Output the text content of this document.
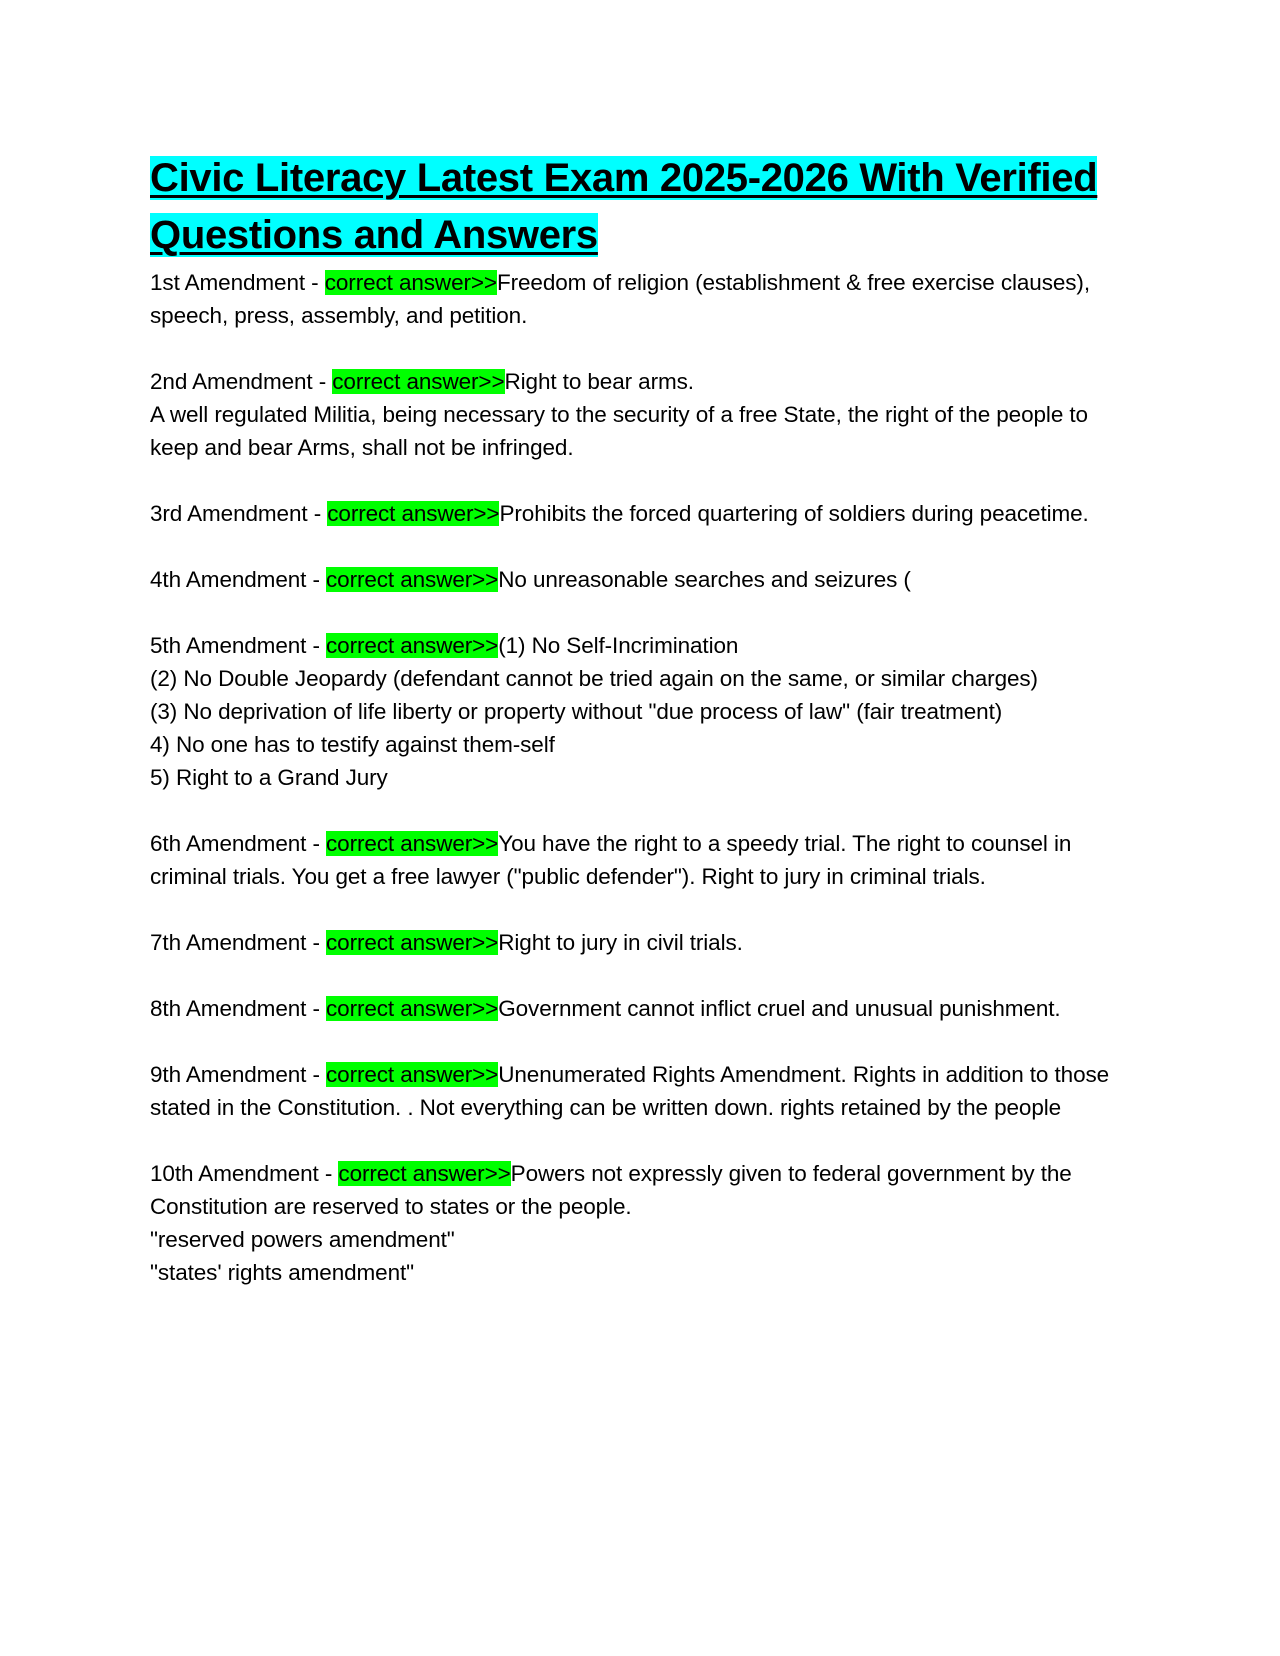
Civic Literacy Latest Exam 2025-2026 With Verified Questions and Answers
1st Amendment - correct answer>>Freedom of religion (establishment & free exercise clauses), speech, press, assembly, and petition.
2nd Amendment - correct answer>>Right to bear arms.
A well regulated Militia, being necessary to the security of a free State, the right of the people to keep and bear Arms, shall not be infringed.
3rd Amendment - correct answer>>Prohibits the forced quartering of soldiers during peacetime.
4th Amendment - correct answer>>No unreasonable searches and seizures (
5th Amendment - correct answer>>(1) No Self-Incrimination
(2) No Double Jeopardy (defendant cannot be tried again on the same, or similar charges)
(3) No deprivation of life liberty or property without "due process of law" (fair treatment)
4) No one has to testify against them-self
5) Right to a Grand Jury
6th Amendment - correct answer>>You have the right to a speedy trial. The right to counsel in criminal trials. You get a free lawyer ("public defender"). Right to jury in criminal trials.
7th Amendment - correct answer>>Right to jury in civil trials.
8th Amendment - correct answer>>Government cannot inflict cruel and unusual punishment.
9th Amendment - correct answer>>Unenumerated Rights Amendment. Rights in addition to those stated in the Constitution. . Not everything can be written down. rights retained by the people
10th Amendment - correct answer>>Powers not expressly given to federal government by the Constitution are reserved to states or the people.
"reserved powers amendment"
"states' rights amendment"
